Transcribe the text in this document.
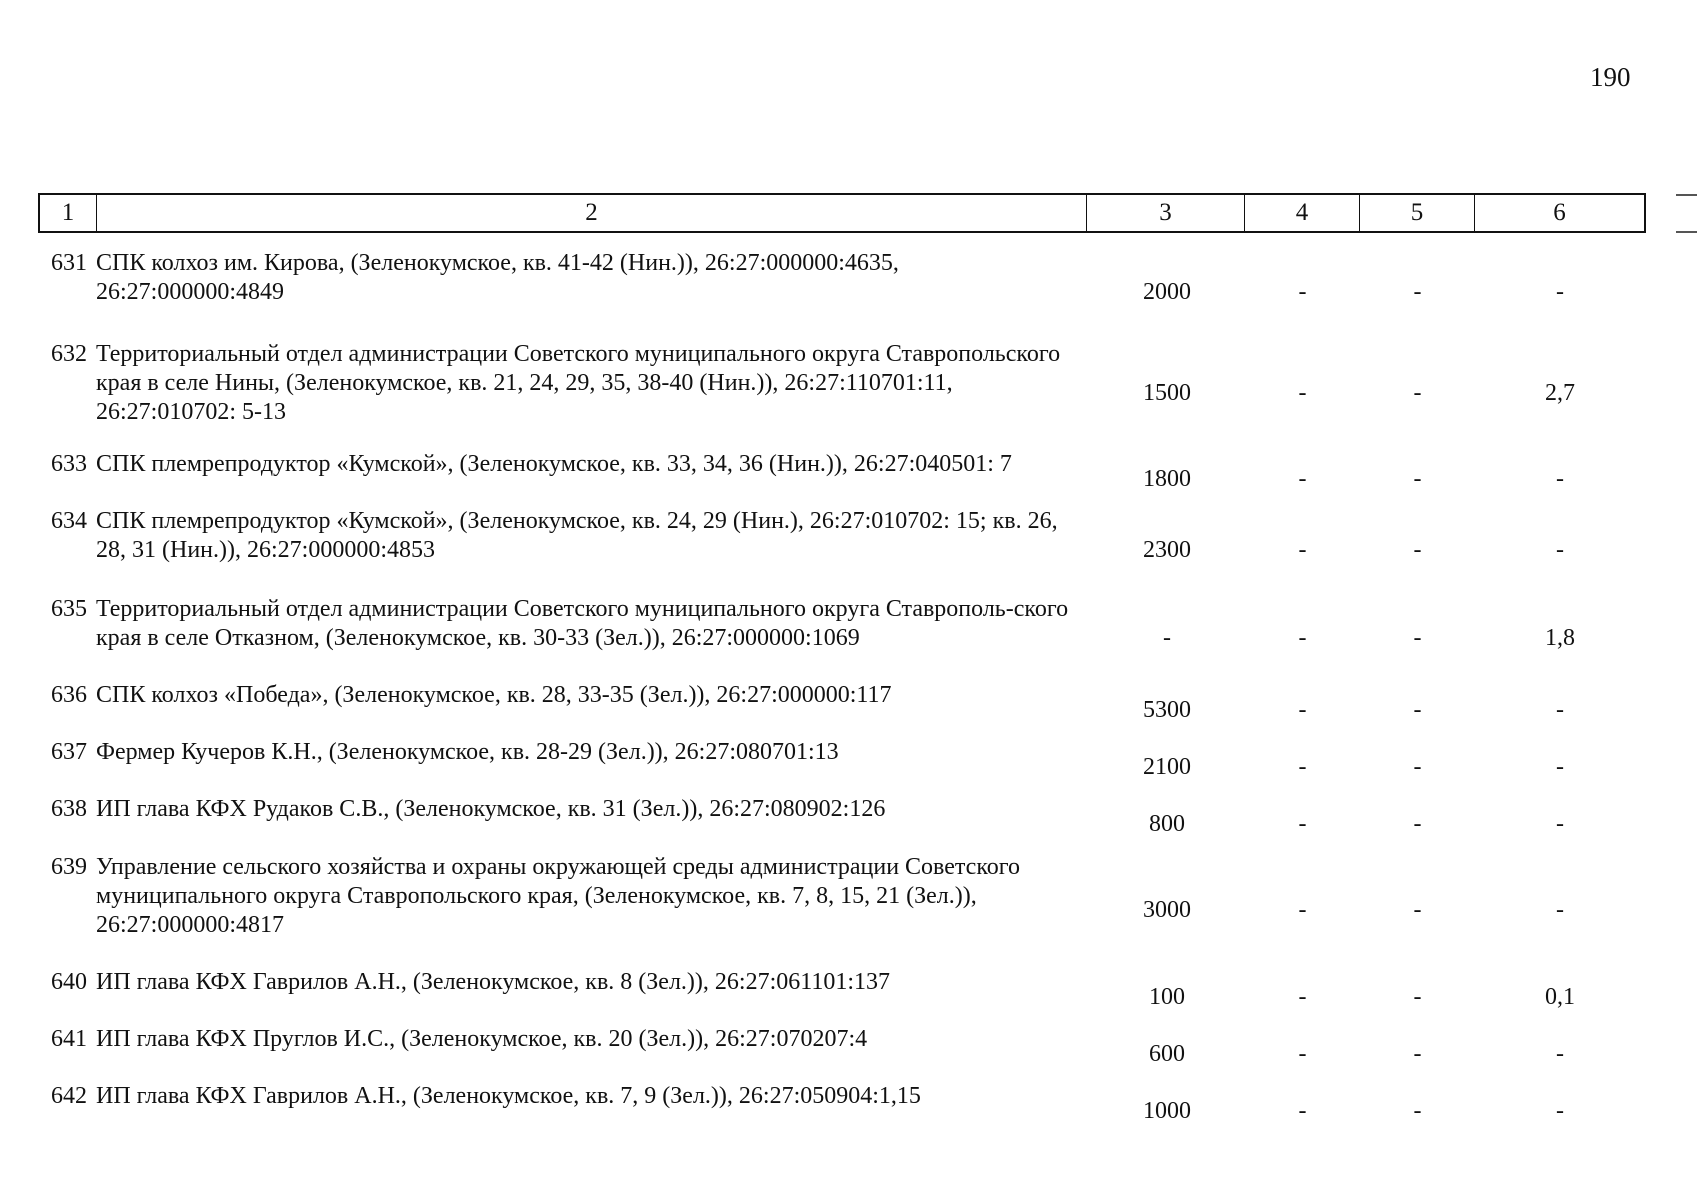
190
1	2	3	4	5	6
631 СПК колхоз им. Кирова, (Зеленокумское, кв. 41-42 (Нин.)), 26:27:000000:4635,
26:27:000000:4849	2000	-	-	-
632 Территориальный отдел администрации Советского муниципального округа Ставропольского
края в селе Нины, (Зеленокумское, кв. 21, 24, 29, 35, 38-40 (Нин.)), 26:27:110701:11,
26:27:010702: 5-13
1500	-	-	2,7
633 СПК племрепродуктор «Кумской», (Зеленокумское, кв. 33, 34, 36 (Нин.)), 26:27:040501: 7
1800	-	-	-
634 СПК племрепродуктор «Кумской», (Зеленокумское, кв. 24, 29 (Нин.), 26:27:010702: 15; кв. 26,
28, 31 (Нин.)), 26:27:000000:4853	2300	-	-	-
635 Территориальный отдел администрации Советского муниципального округа Ставрополь-ского
края в селе Отказном, (Зеленокумское, кв. 30-33 (Зел.)), 26:27:000000:1069	-	-	-	1,8
636 СПК колхоз «Победа», (Зеленокумское, кв. 28, 33-35 (Зел.)), 26:27:000000:117
5300	-	-	-
637 Фермер Кучеров К.Н., (Зеленокумское, кв. 28-29 (Зел.)), 26:27:080701:13
2100	-	-	-
638 ИП глава КФХ Рудаков С.В., (Зеленокумское, кв. 31 (Зел.)), 26:27:080902:126
800	-	-	-
639 Управление сельского хозяйства и охраны окружающей среды администрации Советского
муниципального округа Ставропольского края, (Зеленокумское, кв. 7, 8, 15, 21 (Зел.)),
26:27:000000:4817
3000	-	-	-
640 ИП глава КФХ Гаврилов А.Н., (Зеленокумское, кв. 8 (Зел.)), 26:27:061101:137
100	-	-	0,1
641 ИП глава КФХ Пруглов И.С., (Зеленокумское, кв. 20 (Зел.)), 26:27:070207:4
600	-	-	-
642 ИП глава КФХ Гаврилов А.Н., (Зеленокумское, кв. 7, 9 (Зел.)), 26:27:050904:1,15
1000	-	-	-
